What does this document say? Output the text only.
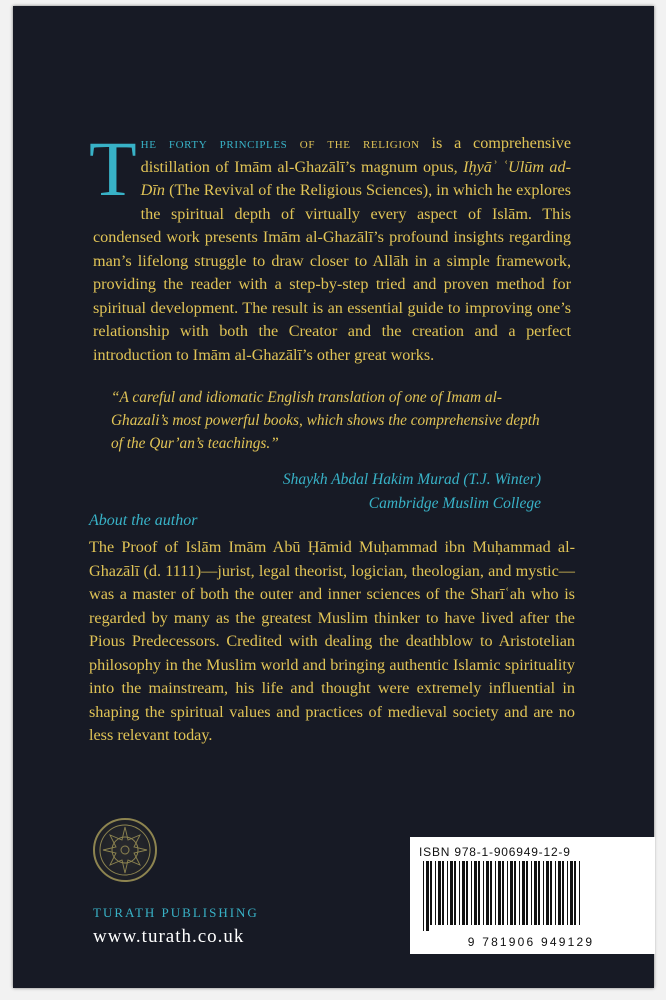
The forty principles of the religion is a comprehensive distillation of Imām al-Ghazālī’s magnum opus, Iḥyāʾ ʿUlūm ad-Dīn (The Revival of the Religious Sciences), in which he explores the spiritual depth of virtually every aspect of Islām. This condensed work presents Imām al-Ghazālī’s profound insights regarding man’s lifelong struggle to draw closer to Allāh in a simple framework, providing the reader with a step-by-step tried and proven method for spiritual development. The result is an essential guide to improving one’s relationship with both the Creator and the creation and a perfect introduction to Imām al-Ghazālī’s other great works.
“A careful and idiomatic English translation of one of Imam al-Ghazali’s most powerful books, which shows the comprehensive depth of the Qur’an’s teachings.”
Shaykh Abdal Hakim Murad (T.J. Winter)
Cambridge Muslim College
About the author
The Proof of Islām Imām Abū Ḥāmid Muḥammad ibn Muḥammad al-Ghazālī (d. 1111)—jurist, legal theorist, logician, theologian, and mystic—was a master of both the outer and inner sciences of the Sharīʿah who is regarded by many as the greatest Muslim thinker to have lived after the Pious Predecessors. Credited with dealing the deathblow to Aristotelian philosophy in the Muslim world and bringing authentic Islamic spirituality into the mainstream, his life and thought were extremely influential in shaping the spiritual values and practices of medieval society and are no less relevant today.
TURATH PUBLISHING
www.turath.co.uk
ISBN 978-1-906949-12-9
9 781906 949129
